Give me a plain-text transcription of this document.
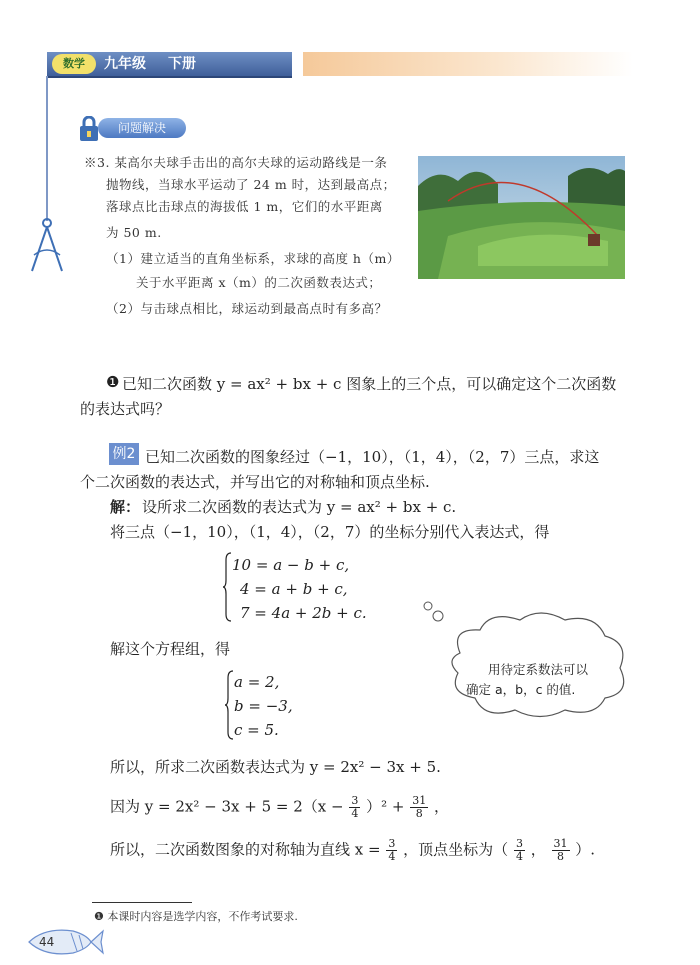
数学	九年级 下册
问题解决
※3. 某高尔夫球手击出的高尔夫球的运动路线是一条
抛物线，当球水平运动了 24 m 时，达到最高点；
落球点比击球点的海拔低 1 m，它们的水平距离
为 50 m.
（1）建立适当的直角坐标系，求球的高度 h（m）
关于水平距离 x（m）的二次函数表达式；
（2）与击球点相比，球运动到最高点时有多高？
❶ 已知二次函数 y = ax² + bx + c 图象上的三个点，可以确定这个二次函数
的表达式吗？
例2 已知二次函数的图象经过（−1，10），（1，4），（2，7）三点，求这
个二次函数的表达式，并写出它的对称轴和顶点坐标.
解： 设所求二次函数的表达式为 y = ax² + bx + c.
将三点（−1，10），（1，4），（2，7）的坐标分别代入表达式，得
10 = a − b + c,
4 = a + b + c,
7 = 4a + 2b + c.
解这个方程组，得
a = 2,
b = −3,
c = 5.
用待定系数法可以
确定 a，b，c 的值.
所以，所求二次函数表达式为 y = 2x² − 3x + 5.
因为 $y = 2x^2 - 3x + 5 = 2(x - \frac{3}{4} )^2 + \frac{31}{8}$ ，
所以，二次函数图象的对称轴为直线 $x = \frac{3}{4}$ ，顶点坐标为（ $\frac{3}{4}$ ， $\frac{31}{8}$ ）.
❶ 本课时内容是选学内容，不作考试要求.
44
